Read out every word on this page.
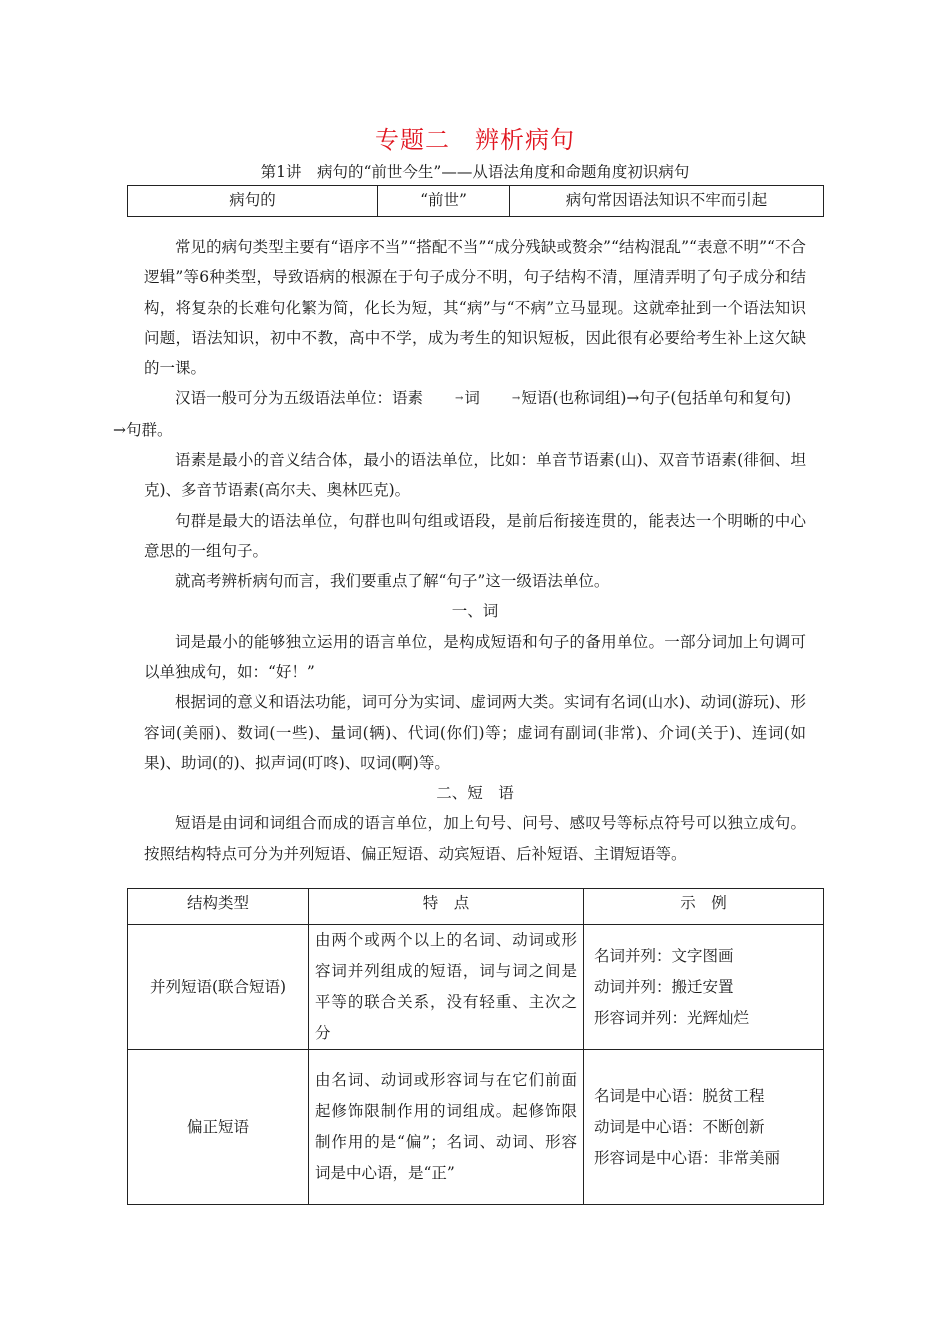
专题二　辨析病句
第1讲　病句的“前世今生”——从语法角度和命题角度初识病句
病句的	“前世”	病句常因语法知识不牢而引起

常见的病句类型主要有“语序不当”“搭配不当”“成分残缺或赘余”“结构混乱”“表意不明”“不合逻辑”等6种类型，导致语病的根源在于句子成分不明，句子结构不清，厘清弄明了句子成分和结构，将复杂的长难句化繁为简，化长为短，其“病”与“不病”立马显现。这就牵扯到一个语法知识问题，语法知识，初中不教，高中不学，成为考生的知识短板，因此很有必要给考生补上这欠缺的一课。

汉语一般可分为五级语法单位：语素	→词	→短语(也称词组)→句子(包括单句和复句)
→句群。

语素是最小的音义结合体，最小的语法单位，比如：单音节语素(山)、双音节语素(徘徊、坦克)、多音节语素(高尔夫、奥林匹克)。

句群是最大的语法单位，句群也叫句组或语段，是前后衔接连贯的，能表达一个明晰的中心意思的一组句子。

就高考辨析病句而言，我们要重点了解“句子”这一级语法单位。

一、词

词是最小的能够独立运用的语言单位，是构成短语和句子的备用单位。一部分词加上句调可以单独成句，如：“好！”

根据词的意义和语法功能，词可分为实词、虚词两大类。实词有名词(山水)、动词(游玩)、形容词(美丽)、数词(一些)、量词(辆)、代词(你们)等；虚词有副词(非常)、介词(关于)、连词(如果)、助词(的)、拟声词(叮咚)、叹词(啊)等。

二、短　语

短语是由词和词组合而成的语言单位，加上句号、问号、感叹号等标点符号可以独立成句。按照结构特点可分为并列短语、偏正短语、动宾短语、后补短语、主谓短语等。

结构类型	特　点	示　例
并列短语(联合短语)	由两个或两个以上的名词、动词或形容词并列组成的短语，词与词之间是平等的联合关系，没有轻重、主次之分	名词并列：文字图画
动词并列：搬迁安置
形容词并列：光辉灿烂

偏正短语	由名词、动词或形容词与在它们前面起修饰限制作用的词组成。起修饰限制作用的是“偏”；名词、动词、形容词是中心语，是“正”	名词是中心语：脱贫工程
动词是中心语：不断创新
形容词是中心语：非常美丽
